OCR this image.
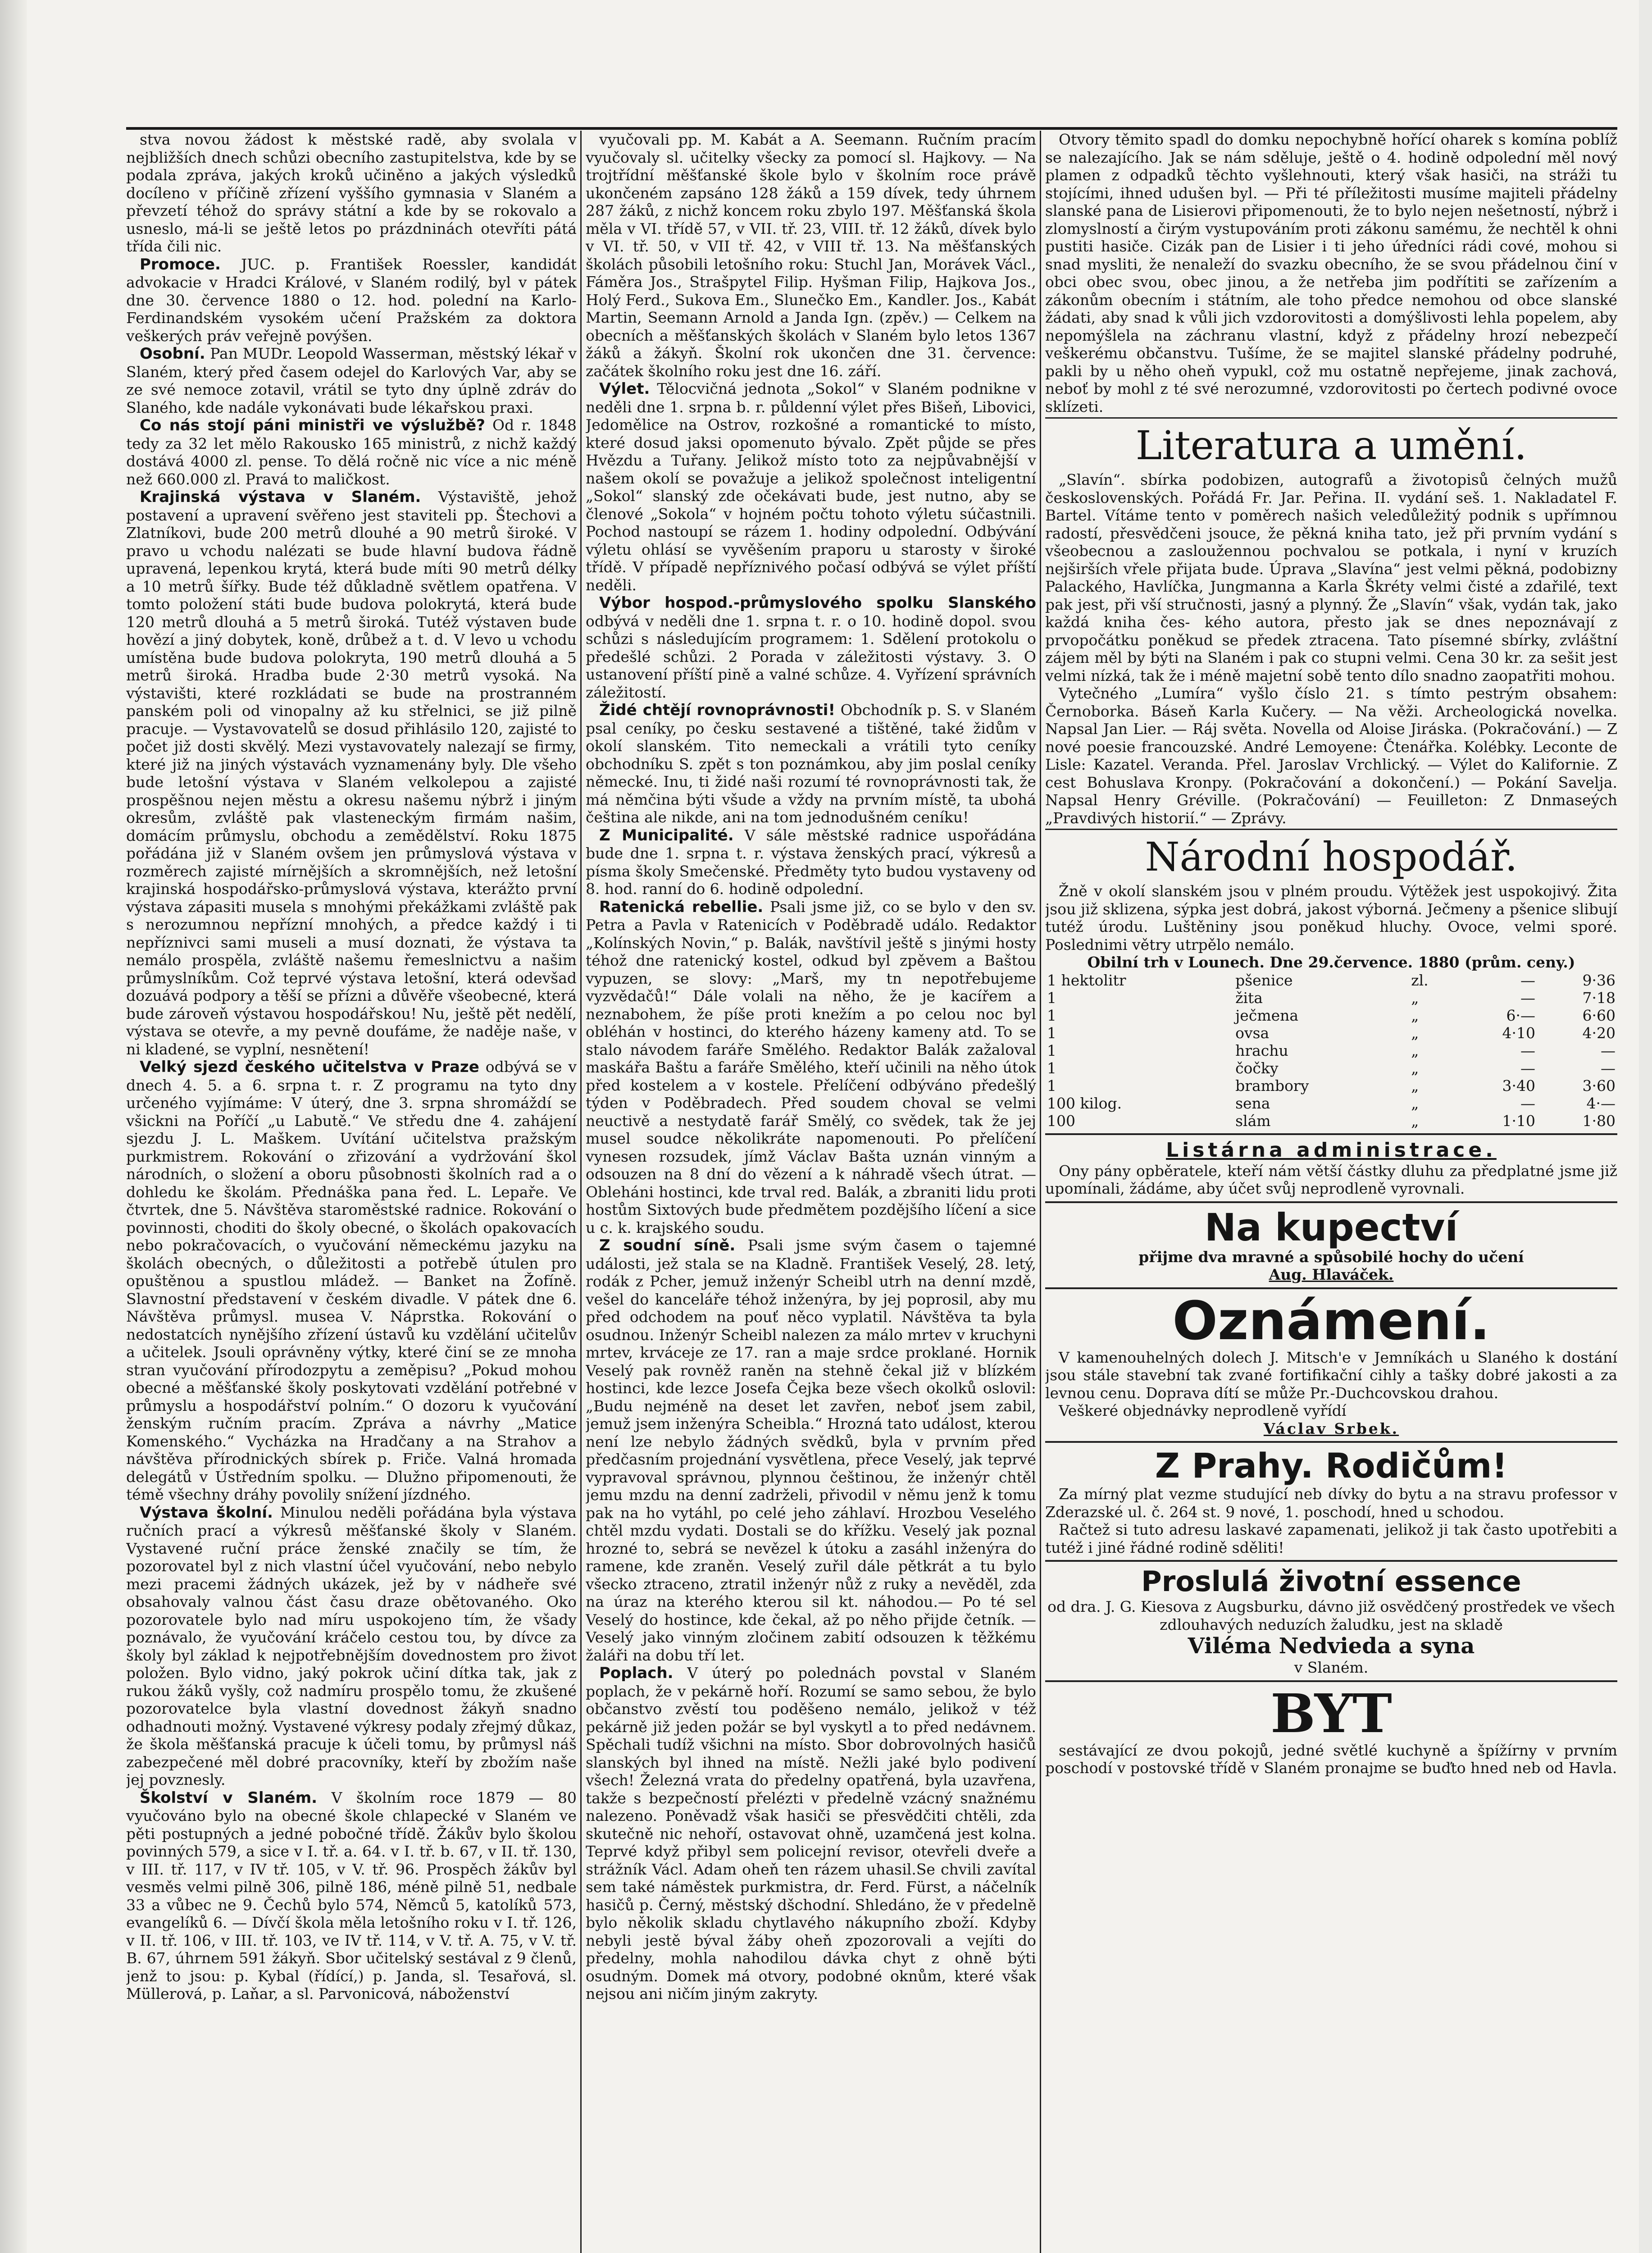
stva novou žádost k městské radě, aby svolala v nejbližších dnech schůzi obecního zastupitelstva, kde by se podala zpráva, jakých kroků učiněno a jakých výsledků docíleno v příčině zřízení vyššího gymnasia v Slaném a převzetí téhož do správy státní a kde by se rokovalo a usneslo, má-li se ještě letos po prázdninách otevříti pátá třída čili nic.

Promoce. JUC. p. František Roessler, kandidát advokacie v Hradci Králové, v Slaném rodilý, byl v pátek dne 30. července 1880 o 12. hod. polední na Karlo-Ferdinandském vysokém učení Pražském za doktora veškerých práv veřejně povýšen.

Osobní. Pan MUDr. Leopold Wasserman, městský lékař v Slaném, který před časem odejel do Karlových Var, aby se ze své nemoce zotavil, vrátil se tyto dny úplně zdráv do Slaného, kde nadále vykonávati bude lékařskou praxi.

Co nás stojí páni ministři ve výslužbě? Od r. 1848 tedy za 32 let mělo Rakousko 165 ministrů, z nichž každý dostává 4000 zl. pense. To dělá ročně nic více a nic méně než 660.000 zl. Pravá to maličkost.

Krajinská výstava v Slaném. Výstaviště, jehož postavení a upravení svěřeno jest staviteli pp. Štechovi a Zlatníkovi, bude 200 metrů dlouhé a 90 metrů široké. V pravo u vchodu nalézati se bude hlavní budova řádně upravená, lepenkou krytá, která bude míti 90 metrů délky a 10 metrů šířky. Bude též důkladně světlem opatřena. V tomto položení státi bude budova polokrytá, která bude 120 metrů dlouhá a 5 metrů široká. Tutéž výstaven bude hovězí a jiný dobytek, koně, drůbež a t. d. V levo u vchodu umístěna bude budova polokryta, 190 metrů dlouhá a 5 metrů široká. Hradba bude 2·30 metrů vysoká. Na výstavišti, které rozkládati se bude na prostranném panském poli od vinopalny až ku střelnici, se již pilně pracuje. — Vystavovatelů se dosud přihlásilo 120, zajisté to počet již dosti skvělý. Mezi vystavovately nalezají se firmy, které již na jiných výstavách vyznamenány byly. Dle všeho bude letošní výstava v Slaném velkolepou a zajisté prospěšnou nejen městu a okresu našemu nýbrž i jiným okresům, zvláště pak vlasteneckým firmám našim, domácím průmyslu, obchodu a zemědělství. Roku 1875 pořádána již v Slaném ovšem jen průmyslová výstava v rozměrech zajisté mírnějších a skromnějších, než letošní krajinská hospodářsko-průmyslová výstava, kterážto první výstava zápasiti musela s mnohými překážkami zvláště pak s nerozumnou nepřízní mnohých, a předce každý i ti nepříznivci sami museli a musí doznati, že výstava ta nemálo prospěla, zvláště našemu řemeslnictvu a našim průmyslníkům. Což teprvé výstava letošní, která odevšad dozuává podpory a těší se přízni a důvěře všeobecné, která bude zároveň výstavou hospodářskou! Nu, ještě pět nedělí, výstava se otevře, a my pevně doufáme, že naděje naše, v ni kladené, se vyplní, nesnětení!

Velký sjezd českého učitelstva v Praze odbývá se v dnech 4. 5. a 6. srpna t. r. Z programu na tyto dny určeného vyjímáme: V úterý, dne 3. srpna shromáždí se všickni na Poříčí „u Labutě.“ Ve středu dne 4. zahájení sjezdu J. L. Maškem. Uvítání učitelstva pražským purkmistrem. Rokování o zřizování a vydržování škol národních, o složení a oboru působnosti školních rad a o dohledu ke školám. Přednáška pana řed. L. Lepaře. Ve čtvrtek, dne 5. Návštěva staroměstské radnice. Rokování o povinnosti, choditi do školy obecné, o školách opakovacích nebo pokračovacích, o vyučování německému jazyku na školách obecných, o důležitosti a potřebě útulen pro opuštěnou a spustlou mládež. — Banket na Žofíně. Slavnostní představení v českém divadle. V pátek dne 6. Návštěva průmysl. musea V. Náprstka. Rokování o nedostatcích nynějšího zřízení ústavů ku vzdělání učitelův a učitelek. Jsouli oprávněny výtky, které činí se ze mnoha stran vyučování přírodozpytu a zeměpisu? „Pokud mohou obecné a měšťanské školy poskytovati vzdělání potřebné v průmyslu a hospodářství polním.“ O dozoru k vyučování ženským ručním pracím. Zpráva a návrhy „Matice Komenského.“ Vycházka na Hradčany a na Strahov a návštěva přírodnických sbírek p. Friče. Valná hromada delegátů v Ústředním spolku. — Dlužno připomenouti, že témě všechny dráhy povolily snížení jízdného.

Výstava školní. Minulou neděli pořádána byla výstava ručních prací a výkresů měšťanské školy v Slaném. Vystavené ruční práce ženské značily se tím, že pozorovatel byl z nich vlastní účel vyučování, nebo nebylo mezi pracemi žádných ukázek, jež by v nádheře své obsahovaly valnou část času draze obětovaného. Oko pozorovatele bylo nad míru uspokojeno tím, že všady poznávalo, že vyučování kráčelo cestou tou, by dívce za školy byl základ k nejpotřebnějším dovednostem pro život položen. Bylo vidno, jaký pokrok učiní dítka tak, jak z rukou žáků vyšly, což nadmíru prospělo tomu, že zkušené pozorovatelce byla vlastní dovednost žákyň snadno odhadnouti možný. Vystavené výkresy podaly zřejmý důkaz, že škola měšťanská pracuje k účeli tomu, by průmysl náš zabezpečené měl dobré pracovníky, kteří by zbožím naše jej povznesly.

Školství v Slaném. V školním roce 1879 — 80 vyučováno bylo na obecné škole chlapecké v Slaném ve pěti postupných a jedné pobočné třídě. Žákův bylo školou povinných 579, a sice v I. tř. a. 64. v I. tř. b. 67, v II. tř. 130, v III. tř. 117, v IV tř. 105, v V. tř. 96. Prospěch žákův byl vesměs velmi pilně 306, pilně 186, méně pilně 51, nedbale 33 a vůbec ne 9. Čechů bylo 574, Němců 5, katolíků 573, evangelíků 6. — Dívčí škola měla letošního roku v I. tř. 126, v II. tř. 106, v III. tř. 103, ve IV tř. 114, v V. tř. A. 75, v V. tř. B. 67, úhrnem 591 žákyň. Sbor učitelský sestával z 9 členů, jenž to jsou: p. Kybal (řídící,) p. Janda, sl. Tesařová, sl. Müllerová, p. Laňar, a sl. Parvonicová, náboženství

vyučovali pp. M. Kabát a A. Seemann. Ručním pracím vyučovaly sl. učitelky všecky za pomocí sl. Hajkovy. — Na trojtřídní měšťanské škole bylo v školním roce právě ukončeném zapsáno 128 žáků a 159 dívek, tedy úhrnem 287 žáků, z nichž koncem roku zbylo 197. Měšťanská škola měla v VI. třídě 57, v VII. tř. 23, VIII. tř. 12 žáků, dívek bylo v VI. tř. 50, v VII tř. 42, v VIII tř. 13. Na měšťanských školách působili letošního roku: Stuchl Jan, Morávek Václ., Fáměra Jos., Strašpytel Filip. Hyšman Filip, Hajkova Jos., Holý Ferd., Sukova Em., Slunečko Em., Kandler. Jos., Kabát Martin, Seemann Arnold a Janda Ign. (zpěv.) — Celkem na obecních a měšťanských školách v Slaném bylo letos 1367 žáků a žákyň. Školní rok ukončen dne 31. července: začátek školního roku jest dne 16. září.

Výlet. Tělocvičná jednota „Sokol“ v Slaném podnikne v neděli dne 1. srpna b. r. půldenní výlet přes Bišeň, Libovici, Jedomělice na Ostrov, rozkošné a romantické to místo, které dosud jaksi opomenuto bývalo. Zpět půjde se přes Hvězdu a Tuřany. Jelikož místo toto za nejpůvabnější v našem okolí se považuje a jelikož společnost inteligentní „Sokol“ slanský zde očekávati bude, jest nutno, aby se členové „Sokola“ v hojném počtu tohoto výletu súčastnili. Pochod nastoupí se rázem 1. hodiny odpolední. Odbývání výletu ohlásí se vyvěšením praporu u starosty v široké třídě. V případě nepříznivého počasí odbývá se výlet příští neděli.

Výbor hospod.-průmyslového spolku Slanského odbývá v neděli dne 1. srpna t. r. o 10. hodině dopol. svou schůzi s následujícím programem: 1. Sdělení protokolu o předešlé schůzi. 2 Porada v záležitosti výstavy. 3. O ustanovení příští pině a valné schůze. 4. Vyřízení správních záležitostí.

Židé chtějí rovnoprávnosti! Obchodník p. S. v Slaném psal ceníky, po česku sestavené a tištěné, také židům v okolí slanském. Tito nemeckali a vrátili tyto ceníky obchodníku S. zpět s ton poznámkou, aby jim poslal ceníky německé. Inu, ti židé naši rozumí té rovnoprávnosti tak, že má němčina býti všude a vždy na prvním místě, ta ubohá čeština ale nikde, ani na tom jednodušném ceníku!

Z Municipalité. V sále městské radnice uspořádána bude dne 1. srpna t. r. výstava ženských prací, výkresů a písma školy Smečenské. Předměty tyto budou vystaveny od 8. hod. ranní do 6. hodině odpolední.

Ratenická rebellie. Psali jsme již, co se bylo v den sv. Petra a Pavla v Ratenicích v Poděbradě událo. Redaktor „Kolínských Novin,“ p. Balák, navštívil ještě s jinými hosty téhož dne ratenický kostel, odkud byl zpěvem a Baštou vypuzen, se slovy: „Marš, my tn nepotřebujeme vyzvědačů!“ Dále volali na něho, že je kacířem a neznabohem, že píše proti knežím a po celou noc byl obléhán v hostinci, do kterého házeny kameny atd. To se stalo návodem faráře Smělého. Redaktor Balák zažaloval maskářa Baštu a faráře Smělého, kteří učinili na něho útok před kostelem a v kostele. Přelíčení odbýváno předešlý týden v Poděbradech. Před soudem choval se velmi neuctivě a nestydatě farář Smělý, co svědek, tak že jej musel soudce několikráte napomenouti. Po přelíčení vynesen rozsudek, jímž Václav Bašta uznán vinným a odsouzen na 8 dní do vězení a k náhradě všech útrat. — Obleháni hostinci, kde trval red. Balák, a zbraniti lidu proti hostům Sixtových bude předmětem pozdějšího líčení a sice u c. k. krajského soudu.

Z soudní síně. Psali jsme svým časem o tajemné události, jež stala se na Kladně. František Veselý, 28. letý, rodák z Pcher, jemuž inženýr Scheibl utrh na denní mzdě, vešel do kanceláře téhož inženýra, by jej poprosil, aby mu před odchodem na pouť něco vyplatil. Návštěva ta byla osudnou. Inženýr Scheibl nalezen za málo mrtev v kruchyni mrtev, krváceje ze 17. ran a maje srdce proklané. Hornik Veselý pak rovněž raněn na stehně čekal již v blízkém hostinci, kde lezce Josefa Čejka beze všech okolků oslovil: „Budu nejméně na deset let zavřen, neboť jsem zabil, jemuž jsem inženýra Scheibla.“ Hrozná tato událost, kterou není lze nebylo žádných svědků, byla v prvním před předčasním projednání vysvětlena, přece Veselý, jak teprvé vypravoval správnou, plynnou češtinou, že inženýr chtěl jemu mzdu na denní zadrželi, přivodil v němu jenž k tomu pak na ho vytáhl, po celé jeho záhlaví. Hrozbou Veselého chtěl mzdu vydati. Dostali se do křížku. Veselý jak poznal hrozné to, sebrá se nevězel k útoku a zasáhl inženýra do ramene, kde zraněn. Veselý zuřil dále pětkrát a tu bylo všecko ztraceno, ztratil inženýr nůž z ruky a nevěděl, zda na úraz na kterého kterou sil kt. náhodou.— Po té sel Veselý do hostince, kde čekal, až po něho přijde četník. — Veselý jako vinným zločinem zabití odsouzen k těžkému žaláři na dobu tří let.

Poplach. V úterý po polednách povstal v Slaném poplach, že v pekárně hoří. Rozumí se samo sebou, že bylo občanstvo zvěstí tou poděšeno nemálo, jelikož v též pekárně již jeden požár se byl vyskytl a to před nedávnem. Spěchali tudíž všichni na místo. Sbor dobrovolných hasičů slanských byl ihned na místě. Nežli jaké bylo podivení všech! Železná vrata do předelny opatřená, byla uzavřena, takže s bezpečností přelézti v předelně vzácný snažnému nalezeno. Poněvadž však hasiči se přesvědčiti chtěli, zda skutečně nic nehoří, ostavovat ohně, uzamčená jest kolna. Teprvé když přibyl sem policejní revisor, otevřeli dveře a strážník Václ. Adam oheň ten rázem uhasil.Se chvili zavítal sem také náměstek purkmistra, dr. Ferd. Fürst, a náčelník hasičů p. Černý, městský dšchodní. Shledáno, že v předelně bylo několik skladu chytlavého nákupního zboží. Kdyby nebyli jestě býval žáby oheň zpozorovali a vejíti do předelny, mohla nahodilou dávka chyt z ohně býti osudným. Domek má otvory, podobné oknům, které však nejsou ani ničím jiným zakryty.

Otvory těmito spadl do domku nepochybně hořící oharek s komína poblíž se nalezajícího. Jak se nám sděluje, ještě o 4. hodině odpolední měl nový plamen z odpadků těchto vyšlehnouti, který však hasiči, na stráži tu stojícími, ihned udušen byl. — Při té příležitosti musíme majiteli přádelny slanské pana de Lisierovi připomenouti, že to bylo nejen nešetností, nýbrž i zlomyslností a čirým vystupováním proti zákonu samému, že nechtěl k ohni pustiti hasiče. Cizák pan de Lisier i ti jeho úředníci rádi cové, mohou si snad mysliti, že nenaleží do svazku obecního, že se svou přádelnou činí v obci obec svou, obec jinou, a že netřeba jim podřítiti se zařízením a zákonům obecním i státním, ale toho předce nemohou od obce slanské žádati, aby snad k vůli jich vzdorovitosti a domýšlivosti lehla popelem, aby nepomýšlela na záchranu vlastní, když z přádelny hrozí nebezpečí veškerému občanstvu. Tušíme, že se majitel slanské přádelny podruhé, pakli by u něho oheň vypukl, což mu ostatně nepřejeme, jinak zachová, neboť by mohl z té své nerozumné, vzdorovitosti po čertech podivné ovoce sklízeti.

Literatura a umění.

„Slavín“. sbírka podobizen, autografů a životopisů čelných mužů československých. Pořádá Fr. Jar. Peřina. II. vydání seš. 1. Nakladatel F. Bartel. Vítáme tento v poměrech našich veledůležitý podnik s upřímnou radostí, přesvědčeni jsouce, že pěkná kniha tato, jež při prvním vydání s všeobecnou a zasloužennou pochvalou se potkala, i nyní v kruzích nejširších vřele přijata bude. Úprava „Slavína“ jest velmi pěkná, podobizny Palackého, Havlíčka, Jungmanna a Karla Škréty velmi čisté a zdařilé, text pak jest, při vší stručnosti, jasný a plynný. Že „Slavín“ však, vydán tak, jako každá kniha čes- kého autora, přesto jak se dnes nepoznávají z prvopočátku poněkud se předek ztracena. Tato písemné sbírky, zvláštní zájem měl by býti na Slaném i pak co stupni velmi. Cena 30 kr. za sešit jest velmi nízká, tak že i méně majetní sobě tento dílo snadno zaopatřiti mohou.

Vytečného „Lumíra“ vyšlo číslo 21. s tímto pestrým obsahem: Černoborka. Báseň Karla Kučery. — Na věži. Archeologická novelka. Napsal Jan Lier. — Ráj světa. Novella od Aloise Jiráska. (Pokračování.) — Z nové poesie francouzské. André Lemoyene: Čtenářka. Kolébky. Leconte de Lisle: Kazatel. Veranda. Přel. Jaroslav Vrchlický. — Výlet do Kalifornie. Z cest Bohuslava Kronpy. (Pokračování a dokončení.) — Pokání Saveljа. Napsal Henry Gréville. (Pokračování) — Feuilleton: Z Dnmaseých „Pravdivých historií.“ — Zprávy.

Národní hospodář.

Žně v okolí slanském jsou v plném proudu. Výtěžek jest uspokojivý. Žita jsou již sklizena, sýpka jest dobrá, jakost výborná. Ječmeny a pšenice slibují tutéž úrodu. Luštěniny jsou poněkud hluchy. Ovoce, velmi sporé. Poslednimi větry utrpělo nemálo.

Obilní trh v Lounech. Dne 29.července. 1880 (prům. ceny.)

1 hektolitr	pšenice	zl.	—	9·36
1	žita	„	—	7·18
1	ječmena	„	6·—	6·60
1	ovsa	„	4·10	4·20
1	hrachu	„	—	—
1	čočky	„	—	—
1	brambory	„	3·40	3·60
100 kilog.	sena	„	—	4·—
100	slám	„	1·10	1·80
Listárna administrace.

Ony pány opběratele, kteří nám větší částky dluhu za předplatné jsme již upomínali, žádáme, aby účet svůj neprodleně vyrovnali.

Na kupectví

přijme dva mravné a spůsobilé hochy do učení

Aug. Hlaváček.

Oznámení.

V kamenouhelných dolech J. Mitsch'e v Jemníkách u Slaného k dostání jsou stále stavební tak zvané fortifikační cihly a tašky dobré jakosti a za levnou cenu. Doprava dítí se může Pr.-Duchcovskou drahou.

Veškeré objednávky neprodleně vyřídí

Václav Srbek.

Z Prahy. Rodičům!

Za mírný plat vezme studující neb dívky do bytu a na stravu professor v Zderazské ul. č. 264 st. 9 nové, 1. poschodí, hned u schodou.

Račtež si tuto adresu laskavé zapamenati, jelikož ji tak často upotřebiti a tutéž i jiné řádné rodině sděliti!

Proslulá životní essence

od dra. J. G. Kiesova z Augsburku, dávno již osvědčený prostředek ve všech zdlouhavých neduzích žaludku, jest na skladě

Viléma Nedvieda a syna

v Slaném.

BYT

sestávající ze dvou pokojů, jedné světlé kuchyně a špížírny v prvním poschodí v postovské třídě v Slaném pronajme se buďto hned neb od Havla.
